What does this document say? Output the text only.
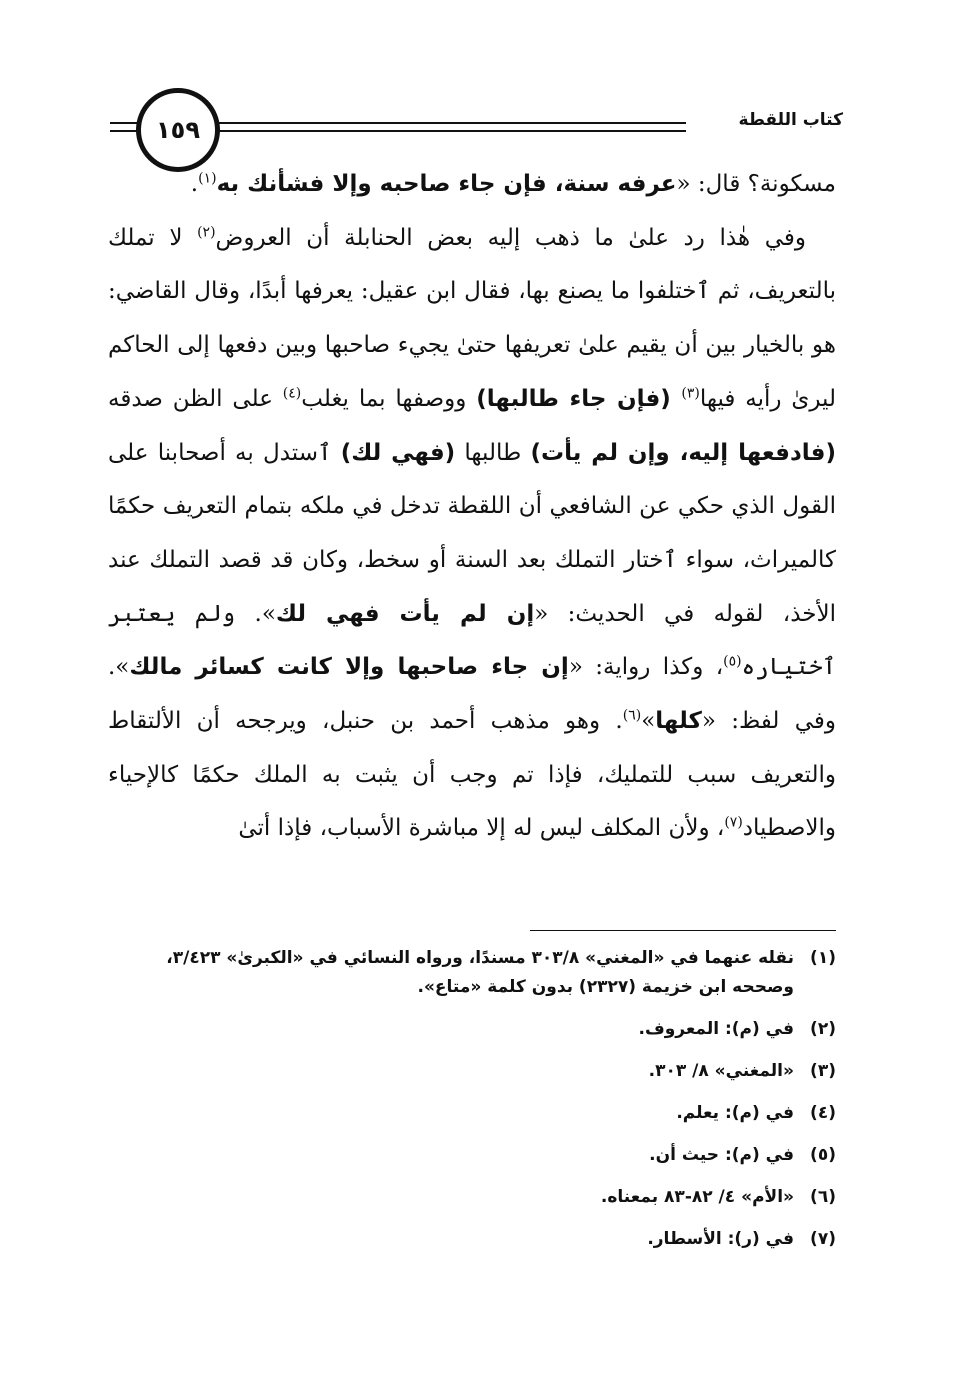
١٥٩	كتاب اللقطة

مسكونة؟ قال: «عرفه سنة، فإن جاء صاحبه وإلا فشأنك به$^{(١)}$.

وفي هٰذا رد علىٰ ما ذهب إليه بعض الحنابلة أن العروض$^{(٢)}$ لا تملك بالتعريف، ثم ٱختلفوا ما يصنع بها، فقال ابن عقيل: يعرفها أبدًا، وقال القاضي: هو بالخيار بين أن يقيم علىٰ تعريفها حتىٰ يجيء صاحبها وبين دفعها إلى الحاكم ليرىٰ رأيه فيها$^{(٣)}$ (فإن جاء طالبها) ووصفها بما يغلب$^{(٤)}$ على الظن صدقه (فادفعها إليه، وإن لم يأت) طالبها (فهي لك) ٱستدل به أصحابنا على القول الذي حكي عن الشافعي أن اللقطة تدخل في ملكه بتمام التعريف حكمًا كالميراث، سواء ٱختار التملك بعد السنة أو سخط، وكان قد قصد التملك عند الأخذ، لقوله في الحديث: «إن لم يأت فهي لك». ولم يعتبر ٱختياره$^{(٥)}$، وكذا رواية: «إن جاء صاحبها وإلا كانت كسائر مالك». وفي لفظ: «كلها»$^{(٦)}$. وهو مذهب أحمد بن حنبل، ويرجحه أن الألتقاط والتعريف سبب للتمليك، فإذا تم وجب أن يثبت به الملك حكمًا كالإحياء والاصطياد$^{(٧)}$، ولأن المكلف ليس له إلا مباشرة الأسباب، فإذا أتىٰ

(١)
نقله عنهما في «المغني» ٣٠٣/٨ مسندًا، ورواه النسائي في «الكبرىٰ» ٣/٤٢٣، وصححه ابن خزيمة (٢٣٢٧) بدون كلمة «متاع».
(٢)
في (م): المعروف.
(٣)
«المغني» ٨/ ٣٠٣.
(٤)
في (م): يعلم.
(٥)
في (م): حيث أن.
(٦)
«الأم» ٤/ ٨٢-٨٣ بمعناه.
(٧)
في (ر): الأسطار.
